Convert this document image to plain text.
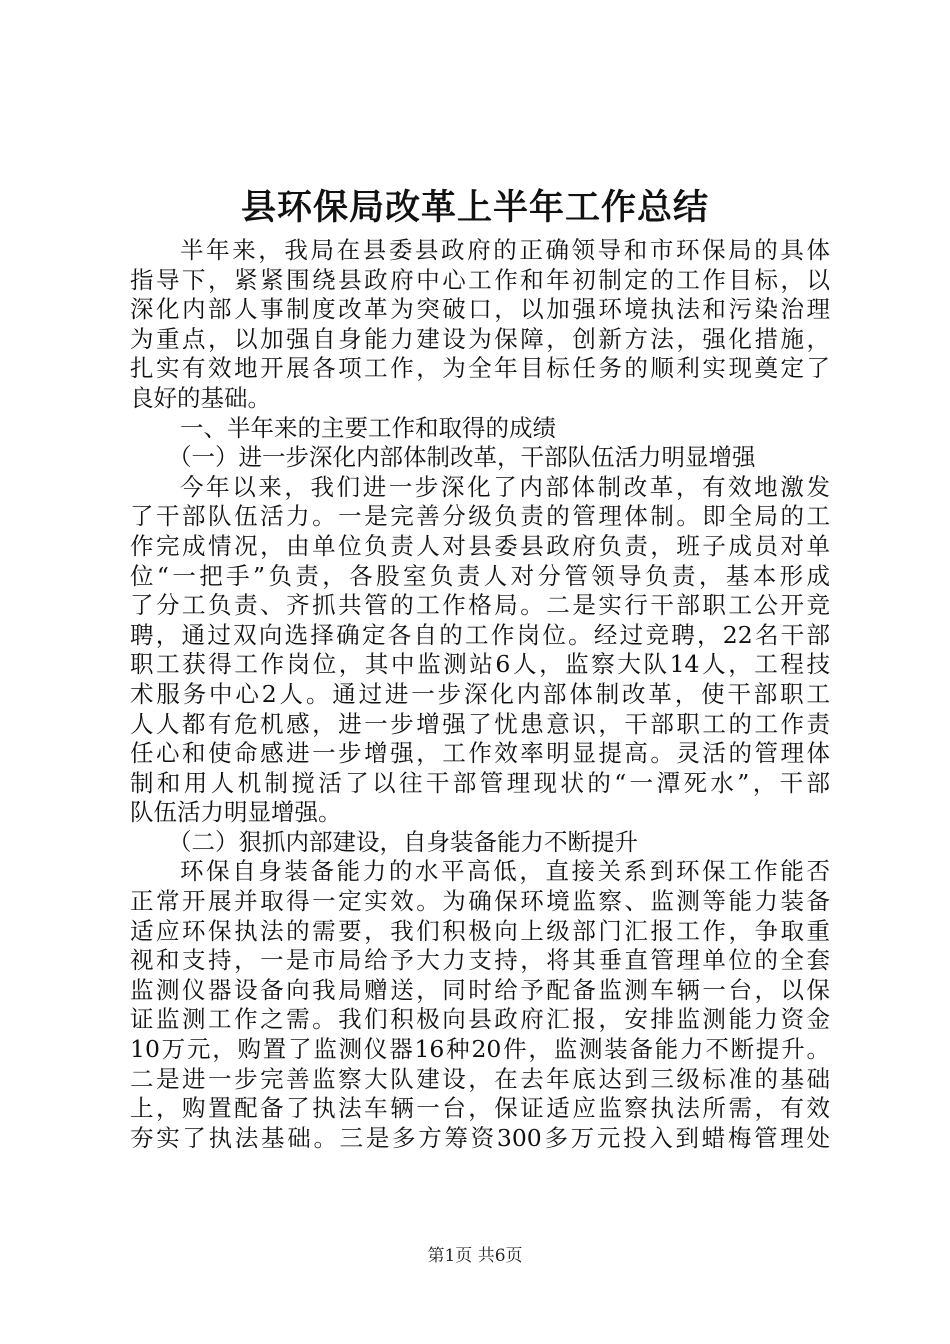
县环保局改革上半年工作总结
半年来，我局在县委县政府的正确领导和市环保局的具体
指导下，紧紧围绕县政府中心工作和年初制定的工作目标，以
深化内部人事制度改革为突破口，以加强环境执法和污染治理
为重点，以加强自身能力建设为保障，创新方法，强化措施，
扎实有效地开展各项工作，为全年目标任务的顺利实现奠定了
良好的基础。
一、半年来的主要工作和取得的成绩
（一）进一步深化内部体制改革，干部队伍活力明显增强
今年以来，我们进一步深化了内部体制改革，有效地激发
了干部队伍活力。一是完善分级负责的管理体制。即全局的工
作完成情况，由单位负责人对县委县政府负责，班子成员对单
位“一把手”负责，各股室负责人对分管领导负责，基本形成
了分工负责、齐抓共管的工作格局。二是实行干部职工公开竞
聘，通过双向选择确定各自的工作岗位。经过竞聘，22名干部
职工获得工作岗位，其中监测站6人，监察大队14人，工程技
术服务中心2人。通过进一步深化内部体制改革，使干部职工
人人都有危机感，进一步增强了忧患意识，干部职工的工作责
任心和使命感进一步增强，工作效率明显提高。灵活的管理体
制和用人机制搅活了以往干部管理现状的“一潭死水”，干部
队伍活力明显增强。
（二）狠抓内部建设，自身装备能力不断提升
环保自身装备能力的水平高低，直接关系到环保工作能否
正常开展并取得一定实效。为确保环境监察、监测等能力装备
适应环保执法的需要，我们积极向上级部门汇报工作，争取重
视和支持，一是市局给予大力支持，将其垂直管理单位的全套
监测仪器设备向我局赠送，同时给予配备监测车辆一台，以保
证监测工作之需。我们积极向县政府汇报，安排监测能力资金
10万元，购置了监测仪器16种20件，监测装备能力不断提升。
二是进一步完善监察大队建设，在去年底达到三级标准的基础
上，购置配备了执法车辆一台，保证适应监察执法所需，有效
夯实了执法基础。三是多方筹资300多万元投入到蜡梅管理处
第1页 共6页
